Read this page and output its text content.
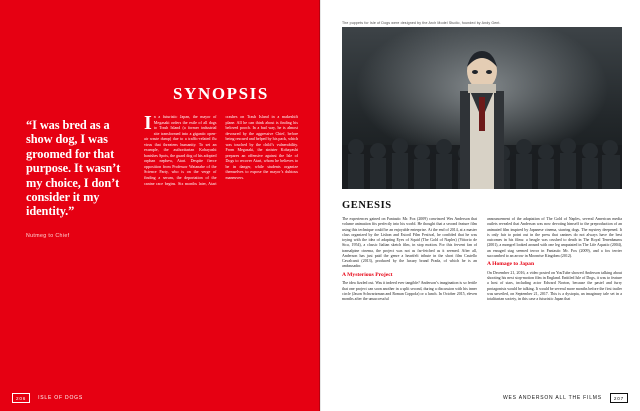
“I was bred as a show dog, I was groomed for that purpose. It wasn’t my choice, I don’t consider it my identity.”
Nutmeg to Chief
SYNOPSIS

In a futuristic Japan, the mayor of Megasaki orders the exile of all dogs to Trash Island (a former industrial site transformed into a gigantic open-air waste dump) due to a traffic-related flu virus that threatens humanity. To set an example, the authoritarian Kobayashi banishes Spots, the guard dog of his adopted orphan nephew, Atari. Despite fierce opposition from Professor Watanabe of the Science Party, who is on the verge of finding a serum, the deportation of the canine race begins. Six months later, Atari crashes on Trash Island in a makeshift plane. All he can think about is finding his beloved pooch. In a bad way, he is almost devoured by the aggressive Chief, before being rescued and helped by his pack, which was touched by the child’s vulnerability. From Megasaki, the sinister Kobayashi prepares an offensive against the Isle of Dogs to recover Atari, whom he believes to be in danger, while students organize themselves to expose the mayor’s dubious maneuvers.

206	ISLE OF DOGS
The puppets for Isle of Dogs were designed by the Arch Model Studio, founded by Andy Gent.
GENESIS

The experiences gained on Fantastic Mr. Fox (2009) convinced Wes Anderson that volume animation fits perfectly into his world. He thought that a second feature film using this technique could be an enjoyable enterprise. At the end of 2014, at a master class organized by the Lisbon and Estoril Film Festival, he confided that he was toying with the idea of adapting Eyes of Squid (The Gold of Naples) (Vittorio de Sica, 1954), a classic Italian sketch film, in stop motion. For this fervent fan of transalpine cinema, the project was not as far-fetched as it seemed. After all, Anderson has just paid the genre a heartfelt tribute in the short film Castello Cavalcanti (2013), produced by the luxury brand Prada, of which he is an ambassador.

A Mysterious Project

The idea fizzled out. Was it indeed ever tangible? Anderson’s imagination is so fertile that one project can soon another in a split second, during a discussion with his inner circle (Jason Schwartzman and Roman Coppola) or a lunch. In October 2015, eleven months after the unsuccessful

announcement of the adaptation of The Gold of Naples, several American media outlets revealed that Anderson was now devoting himself to the preproduction of an animated film inspired by Japanese cinema, starring dogs. The mystery deepened. It is only fair to point out in the press that canines do not always have the best outcomes in his films: a beagle was crushed to death in The Royal Tenenbaums (2001), a mongrel looked around with one leg amputated in The Life Aquatic (2004), an enraged stag seemed terror in Fantastic Mr. Fox (2009), and a fox terrier succumbed to an arrow in Moonrise Kingdom (2012).

A Homage to Japan

On December 21, 2016, a video posted on YouTube showed Anderson talking about shooting his next stop-motion film in England. Entitled Isle of Dogs, it was to feature a host of stars, including actor Edward Norton, because the pastel and furry protagonists would be talking. It would be several more months before the first trailer was unveiled, on September 21, 2017. This is a dystopia, an imaginary tale set in a totalitarian society, in this case a futuristic Japan that

WES ANDERSON ALL THE FILMS	207
